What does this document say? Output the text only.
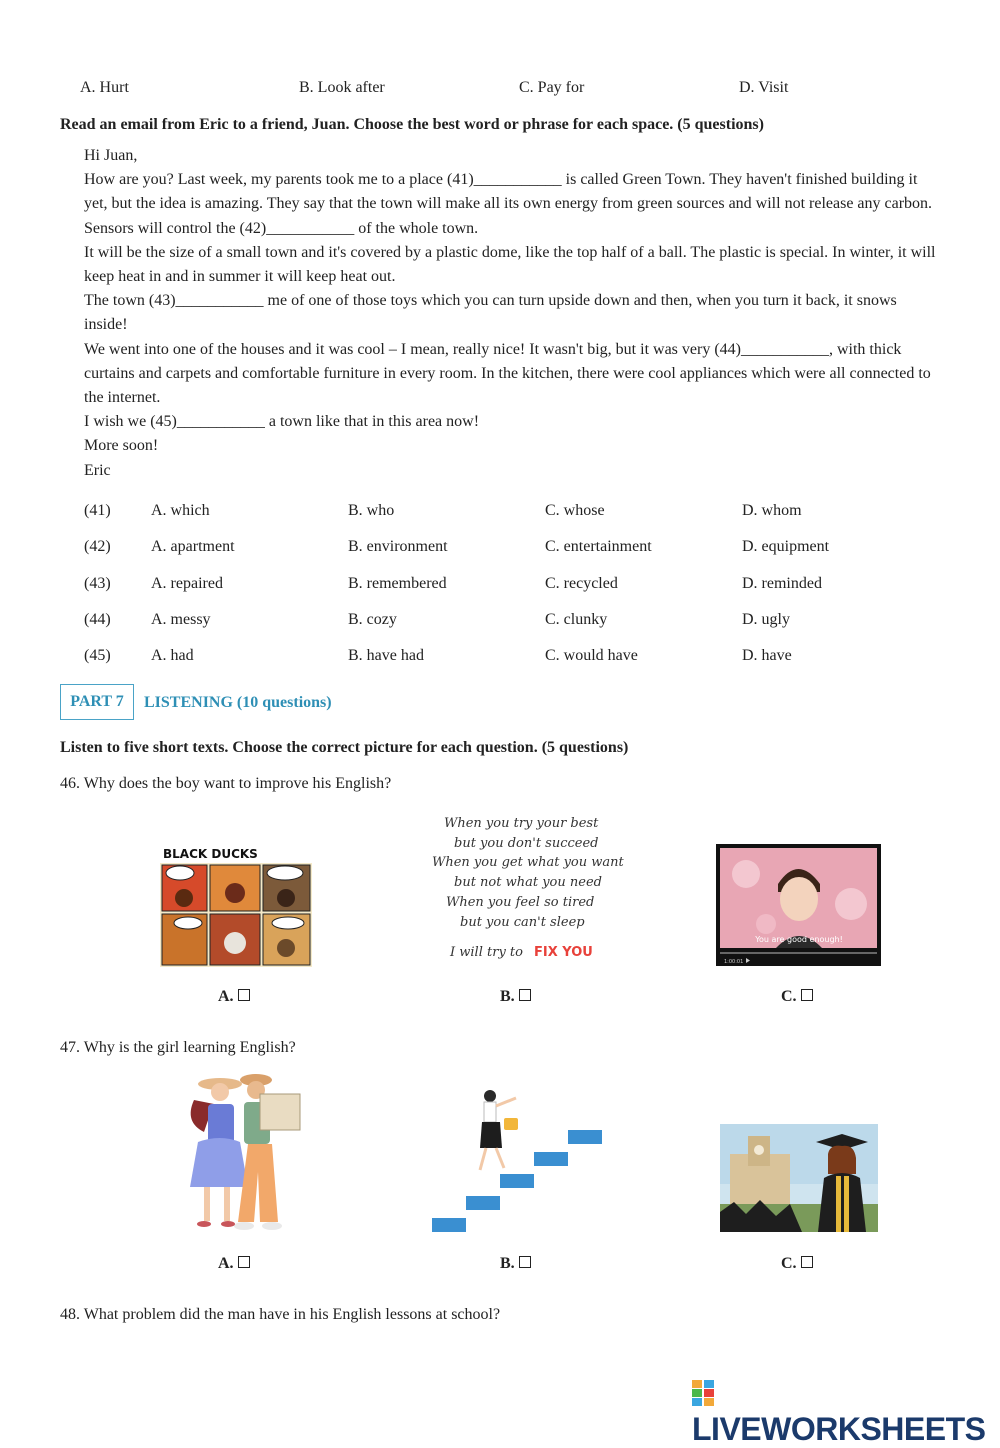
A. Hurt	B. Look after	C. Pay for	D. Visit
Read an email from Eric to a friend, Juan. Choose the best word or phrase for each space. (5 questions)

Hi Juan,

How are you? Last week, my parents took me to a place (41)___________ is called Green Town. They haven't finished building it yet, but the idea is amazing. They say that the town will make all its own energy from green sources and will not release any carbon. Sensors will control the (42)___________ of the whole town.

It will be the size of a small town and it's covered by a plastic dome, like the top half of a ball. The plastic is special. In winter, it will keep heat in and in summer it will keep heat out.

The town (43)___________ me of one of those toys which you can turn upside down and then, when you turn it back, it snows inside!

We went into one of the houses and it was cool – I mean, really nice! It wasn't big, but it was very (44)___________, with thick curtains and carpets and comfortable furniture in every room. In the kitchen, there were cool appliances which were all connected to the internet.

I wish we (45)___________ a town like that in this area now!

More soon!

Eric

(41)	A. which	B. who	C. whose	D. whom
(42)	A. apartment	B. environment	C. entertainment	D. equipment
(43)	A. repaired	B. remembered	C. recycled	D. reminded
(44)	A. messy	B. cozy	C. clunky	D. ugly
(45)	A. had	B. have had	C. would have	D. have
PART 7	LISTENING (10 questions)
Listen to five short texts. Choose the correct picture for each question. (5 questions)
46. Why does the boy want to improve his English?
BLACK DUCKS
When you try your best
but you don't succeed
When you get what you want
but not what you need
When you feel so tired
but you can't sleep
I will try to FIX YOU
You are good enough!
1:00:01
A.	B.	C.
47. Why is the girl learning English?
A.	B.	C.
48. What problem did the man have in his English lessons at school?
LIVEWORKSHEETS
